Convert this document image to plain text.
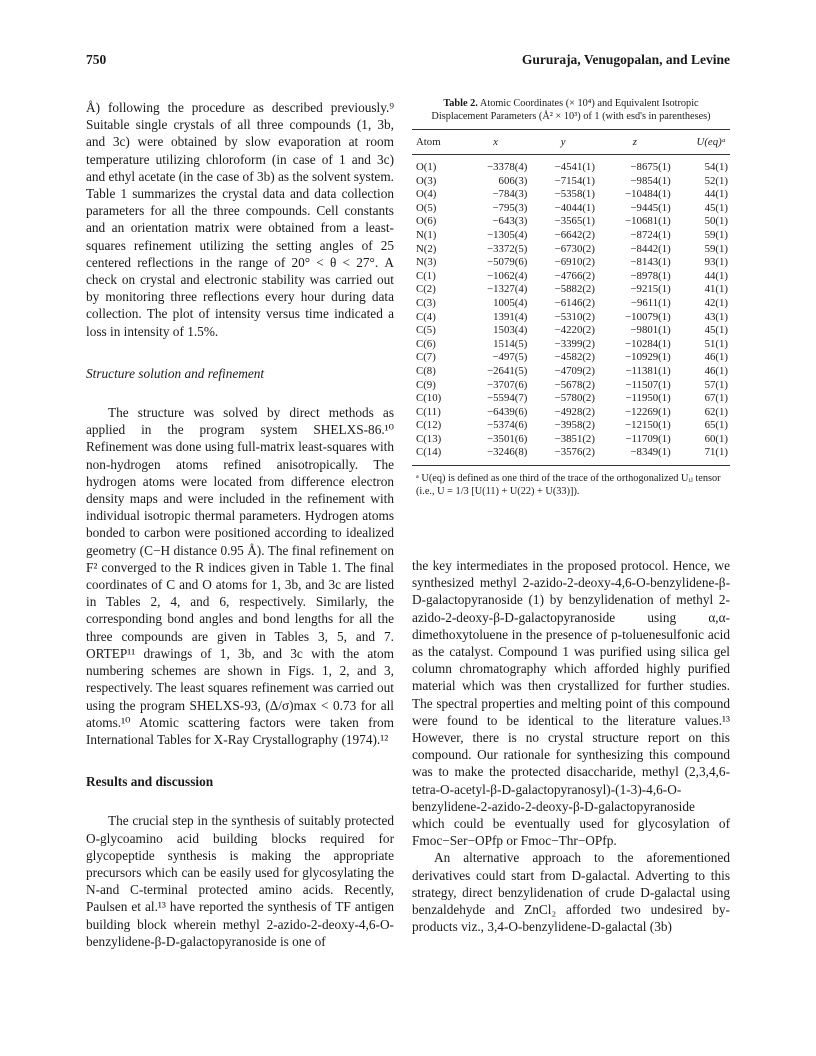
750	Gururaja, Venugopalan, and Levine

Å) following the procedure as described previously.⁹ Suitable single crystals of all three compounds (1, 3b, and 3c) were obtained by slow evaporation at room temperature utilizing chloroform (in case of 1 and 3c) and ethyl acetate (in the case of 3b) as the solvent system. Table 1 summarizes the crystal data and data collection parameters for all the three compounds. Cell constants and an orientation matrix were obtained from a least-squares refinement utilizing the setting angles of 25 centered reflections in the range of 20° < θ < 27°. A check on crystal and electronic stability was carried out by monitoring three reflections every hour during data collection. The plot of intensity versus time indicated a loss in intensity of 1.5%.

Structure solution and refinement

The structure was solved by direct methods as applied in the program system SHELXS-86.¹⁰ Refinement was done using full-matrix least-squares with non-hydrogen atoms refined anisotropically. The hydrogen atoms were located from difference electron density maps and were included in the refinement with individual isotropic thermal parameters. Hydrogen atoms bonded to carbon were positioned according to idealized geometry (C−H distance 0.95 Å). The final refinement on F² converged to the R indices given in Table 1. The final coordinates of C and O atoms for 1, 3b, and 3c are listed in Tables 2, 4, and 6, respectively. Similarly, the corresponding bond angles and bond lengths for all the three compounds are given in Tables 3, 5, and 7. ORTEP¹¹ drawings of 1, 3b, and 3c with the atom numbering schemes are shown in Figs. 1, 2, and 3, respectively. The least squares refinement was carried out using the program SHELXS-93, (Δ/σ)max < 0.73 for all atoms.¹⁰ Atomic scattering factors were taken from International Tables for X-Ray Crystallography (1974).¹²

Results and discussion

The crucial step in the synthesis of suitably protected O-glycoamino acid building blocks required for glycopeptide synthesis is making the appropriate precursors which can be easily used for glycosylating the N-and C-terminal protected amino acids. Recently, Paulsen et al.¹³ have reported the synthesis of TF antigen building block wherein methyl 2-azido-2-deoxy-4,6-O-benzylidene-β-D-galactopyranoside is one of

Table 2. Atomic Coordinates (× 10⁴) and Equivalent Isotropic Displacement Parameters (Å² × 10³) of 1 (with esd's in parentheses)
Atom	x	y	z	U(eq)ᵃ
O(1)	−3378(4)	−4541(1)	−8675(1)	54(1)
O(3)	606(3)	−7154(1)	−9854(1)	52(1)
O(4)	−784(3)	−5358(1)	−10484(1)	44(1)
O(5)	−795(3)	−4044(1)	−9445(1)	45(1)
O(6)	−643(3)	−3565(1)	−10681(1)	50(1)
N(1)	−1305(4)	−6642(2)	−8724(1)	59(1)
N(2)	−3372(5)	−6730(2)	−8442(1)	59(1)
N(3)	−5079(6)	−6910(2)	−8143(1)	93(1)
C(1)	−1062(4)	−4766(2)	−8978(1)	44(1)
C(2)	−1327(4)	−5882(2)	−9215(1)	41(1)
C(3)	1005(4)	−6146(2)	−9611(1)	42(1)
C(4)	1391(4)	−5310(2)	−10079(1)	43(1)
C(5)	1503(4)	−4220(2)	−9801(1)	45(1)
C(6)	1514(5)	−3399(2)	−10284(1)	51(1)
C(7)	−497(5)	−4582(2)	−10929(1)	46(1)
C(8)	−2641(5)	−4709(2)	−11381(1)	46(1)
C(9)	−3707(6)	−5678(2)	−11507(1)	57(1)
C(10)	−5594(7)	−5780(2)	−11950(1)	67(1)
C(11)	−6439(6)	−4928(2)	−12269(1)	62(1)
C(12)	−5374(6)	−3958(2)	−12150(1)	65(1)
C(13)	−3501(6)	−3851(2)	−11709(1)	60(1)
C(14)	−3246(8)	−3576(2)	−8349(1)	71(1)
ᵃ U(eq) is defined as one third of the trace of the orthogonalized Uᵢⱼ tensor (i.e., U = 1/3 [U(11) + U(22) + U(33)]).

the key intermediates in the proposed protocol. Hence, we synthesized methyl 2-azido-2-deoxy-4,6-O-benzylidene-β-D-galactopyranoside (1) by benzylidenation of methyl 2-azido-2-deoxy-β-D-galactopyranoside using α,α-dimethoxytoluene in the presence of p-toluenesulfonic acid as the catalyst. Compound 1 was purified using silica gel column chromatography which afforded highly purified material which was then crystallized for further studies. The spectral properties and melting point of this compound were found to be identical to the literature values.¹³ However, there is no crystal structure report on this compound. Our rationale for synthesizing this compound was to make the protected disaccharide, methyl (2,3,4,6-tetra-O-acetyl-β-D-galactopyranosyl)-(1-3)-4,6-O-benzylidene-2-azido-2-deoxy-β-D-galactopyranoside which could be eventually used for glycosylation of Fmoc−Ser−OPfp or Fmoc−Thr−OPfp.

An alternative approach to the aforementioned derivatives could start from D-galactal. Adverting to this strategy, direct benzylidenation of crude D-galactal using benzaldehyde and ZnCl₂ afforded two undesired by-products viz., 3,4-O-benzylidene-D-galactal (3b)
